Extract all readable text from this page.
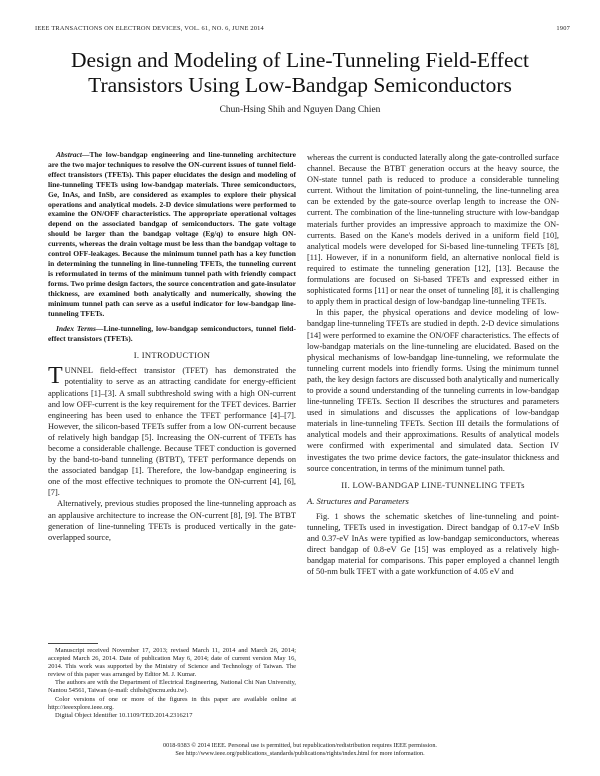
IEEE TRANSACTIONS ON ELECTRON DEVICES, VOL. 61, NO. 6, JUNE 2014	1907
Design and Modeling of Line-Tunneling Field-Effect Transistors Using Low-Bandgap Semiconductors
Chun-Hsing Shih and Nguyen Dang Chien

Abstract—The low-bandgap engineering and line-tunneling architecture are the two major techniques to resolve the ON-current issues of tunnel field-effect transistors (TFETs). This paper elucidates the design and modeling of line-tunneling TFETs using low-bandgap materials. Three semiconductors, Ge, InAs, and InSb, are considered as examples to explore their physical operations and analytical models. 2-D device simulations were performed to examine the ON/OFF characteristics. The appropriate operational voltages depend on the associated bandgap of semiconductors. The gate voltage should be larger than the bandgap voltage (Eg/q) to ensure high ON-currents, whereas the drain voltage must be less than the bandgap voltage to control OFF-leakages. Because the minimum tunnel path has a key function in determining the tunneling in line-tunneling TFETs, the tunneling current is reformulated in terms of the minimum tunnel path with friendly compact forms. Two prime design factors, the source concentration and gate-insulator thickness, are examined both analytically and numerically, showing the minimum tunnel path can serve as a useful indicator for low-bandgap line-tunneling TFETs.

Index Terms—Line-tunneling, low-bandgap semiconductors, tunnel field-effect transistors (TFETs).

I. INTRODUCTION

TUNNEL field-effect transistor (TFET) has demonstrated the potentiality to serve as an attracting candidate for energy-efficient applications [1]–[3]. A small subthreshold swing with a high ON-current and low OFF-current is the key requirement for the TFET devices. Barrier engineering has been used to enhance the TFET performance [4]–[7]. However, the silicon-based TFETs suffer from a low ON-current because of relatively high bandgap [5]. Increasing the ON-current of TFETs has become a considerable challenge. Because TFET conduction is governed by the band-to-band tunneling (BTBT), TFET performance depends on the associated bandgap [1]. Therefore, the low-bandgap engineering is one of the most effective techniques to promote the ON-current [4], [6], [7].

Alternatively, previous studies proposed the line-tunneling approach as an applausive architecture to increase the ON-current [8], [9]. The BTBT generation of line-tunneling TFETs is produced vertically in the gate-overlapped source,

whereas the current is conducted laterally along the gate-controlled surface channel. Because the BTBT generation occurs at the heavy source, the ON-state tunnel path is reduced to produce a considerable tunneling current. Without the limitation of point-tunneling, the line-tunneling area can be extended by the gate-source overlap length to increase the ON-current. The combination of the line-tunneling structure with low-bandgap materials further provides an impressive approach to maximize the ON-currents. Based on the Kane's models derived in a uniform field [10], analytical models were developed for Si-based line-tunneling TFETs [8], [11]. However, if in a nonuniform field, an alternative nonlocal field is required to estimate the tunneling generation [12], [13]. Because the formulations are focused on Si-based TFETs and expressed either in sophisticated forms [11] or near the onset of tunneling [8], it is challenging to apply them in practical design of low-bandgap line-tunneling TFETs.

In this paper, the physical operations and device modeling of low-bandgap line-tunneling TFETs are studied in depth. 2-D device simulations [14] were performed to examine the ON/OFF characteristics. The effects of low-bandgap materials on the line-tunneling are elucidated. Based on the physical mechanisms of low-bandgap line-tunneling, we reformulate the tunneling current models into friendly forms. Using the minimum tunnel path, the key design factors are discussed both analytically and numerically to provide a sound understanding of the tunneling currents in low-bandgap line-tunneling TFETs. Section II describes the structures and parameters used in simulations and discusses the applications of low-bandgap materials in line-tunneling TFETs. Section III details the formulations of analytical models and their approximations. Results of analytical models were confirmed with experimental and simulated data. Section IV investigates the two prime device factors, the gate-insulator thickness and source concentration, in terms of the minimum tunnel path.

II. LOW-BANDGAP LINE-TUNNELING TFETs
A. Structures and Parameters

Fig. 1 shows the schematic sketches of line-tunneling and point-tunneling, TFETs used in investigation. Direct bandgap of 0.17-eV InSb and 0.37-eV InAs were typified as low-bandgap semiconductors, whereas direct bandgap of 0.8-eV Ge [15] was employed as a relatively high-bandgap material for comparisons. This paper employed a channel length of 50-nm bulk TFET with a gate workfunction of 4.05 eV and

Manuscript received November 17, 2013; revised March 11, 2014 and March 26, 2014; accepted March 26, 2014. Date of publication May 6, 2014; date of current version May 16, 2014. This work was supported by the Ministry of Science and Technology of Taiwan. The review of this paper was arranged by Editor M. J. Kumar.

The authors are with the Department of Electrical Engineering, National Chi Nan University, Nantou 54561, Taiwan (e-mail: chihsh@ncnu.edu.tw).

Color versions of one or more of the figures in this paper are available online at http://ieeexplore.ieee.org.

Digital Object Identifier 10.1109/TED.2014.2316217

0018-9383 © 2014 IEEE. Personal use is permitted, but republication/redistribution requires IEEE permission.
See http://www.ieee.org/publications_standards/publications/rights/index.html for more information.
